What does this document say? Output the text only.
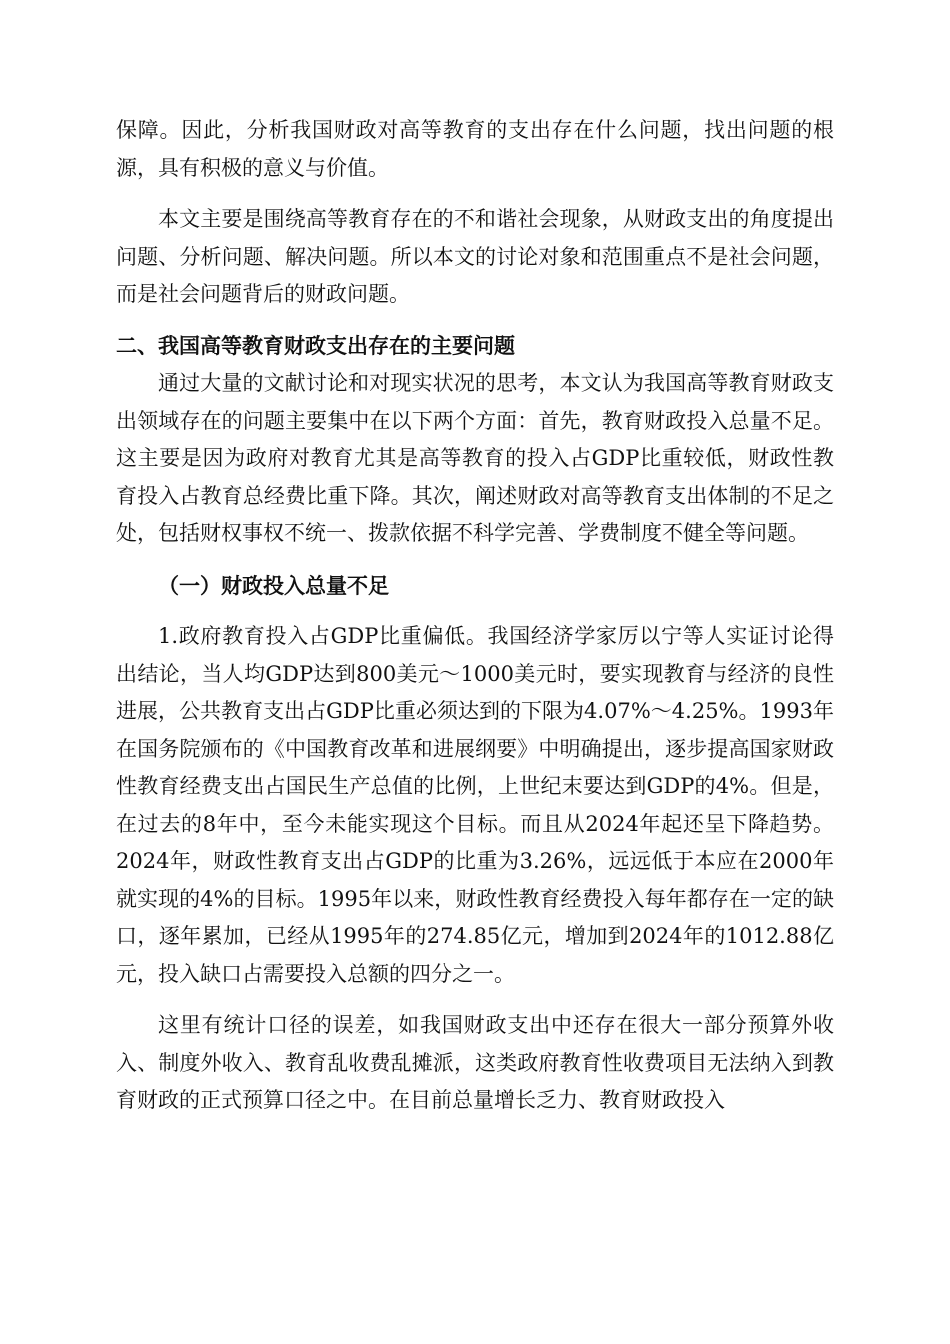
保障。因此，分析我国财政对高等教育的支出存在什么问题，找出问题的根源，具有积极的意义与价值。

本文主要是围绕高等教育存在的不和谐社会现象，从财政支出的角度提出问题、分析问题、解决问题。所以本文的讨论对象和范围重点不是社会问题，而是社会问题背后的财政问题。

二、我国高等教育财政支出存在的主要问题

通过大量的文献讨论和对现实状况的思考，本文认为我国高等教育财政支出领域存在的问题主要集中在以下两个方面：首先，教育财政投入总量不足。这主要是因为政府对教育尤其是高等教育的投入占GDP比重较低，财政性教育投入占教育总经费比重下降。其次，阐述财政对高等教育支出体制的不足之处，包括财权事权不统一、拨款依据不科学完善、学费制度不健全等问题。

（一）财政投入总量不足

1.政府教育投入占GDP比重偏低。我国经济学家厉以宁等人实证讨论得出结论，当人均GDP达到800美元～1000美元时，要实现教育与经济的良性进展，公共教育支出占GDP比重必须达到的下限为4.07%～4.25%。1993年在国务院颁布的《中国教育改革和进展纲要》中明确提出，逐步提高国家财政性教育经费支出占国民生产总值的比例，上世纪末要达到GDP的4%。但是，在过去的8年中，至今未能实现这个目标。而且从2024年起还呈下降趋势。2024年，财政性教育支出占GDP的比重为3.26%，远远低于本应在2000年就实现的4%的目标。1995年以来，财政性教育经费投入每年都存在一定的缺口，逐年累加，已经从1995年的274.85亿元，增加到2024年的1012.88亿元，投入缺口占需要投入总额的四分之一。

这里有统计口径的误差，如我国财政支出中还存在很大一部分预算外收入、制度外收入、教育乱收费乱摊派，这类政府教育性收费项目无法纳入到教育财政的正式预算口径之中。在目前总量增长乏力、教育财政投入
